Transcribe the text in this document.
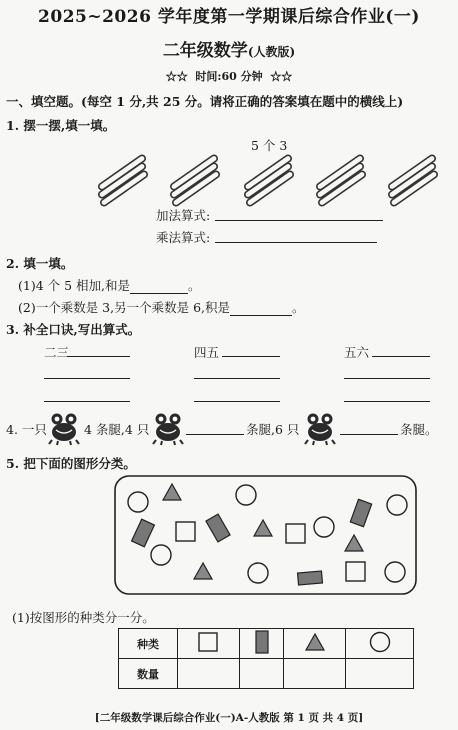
2025~2026 学年度第一学期课后综合作业(一)
二年级数学(人教版)
☆☆ 时间:60 分钟 ☆☆
一、填空题。(每空 1 分,共 25 分。请将正确的答案填在题中的横线上)
1. 摆一摆,填一填。
5 个 3
加法算式:
乘法算式:
2. 填一填。
(1)4 个 5 相加,和是	。
(2)一个乘数是 3,另一个乘数是 6,积是	。
3. 补全口诀,写出算式。
二三	四五	五六
4. 一只	4 条腿,4 只	条腿,6 只	条腿。
5. 把下面的图形分类。
(1)按图形的种类分一分。
种类				
数量				
[二年级数学课后综合作业(一)A-人教版 第 1 页 共 4 页]
